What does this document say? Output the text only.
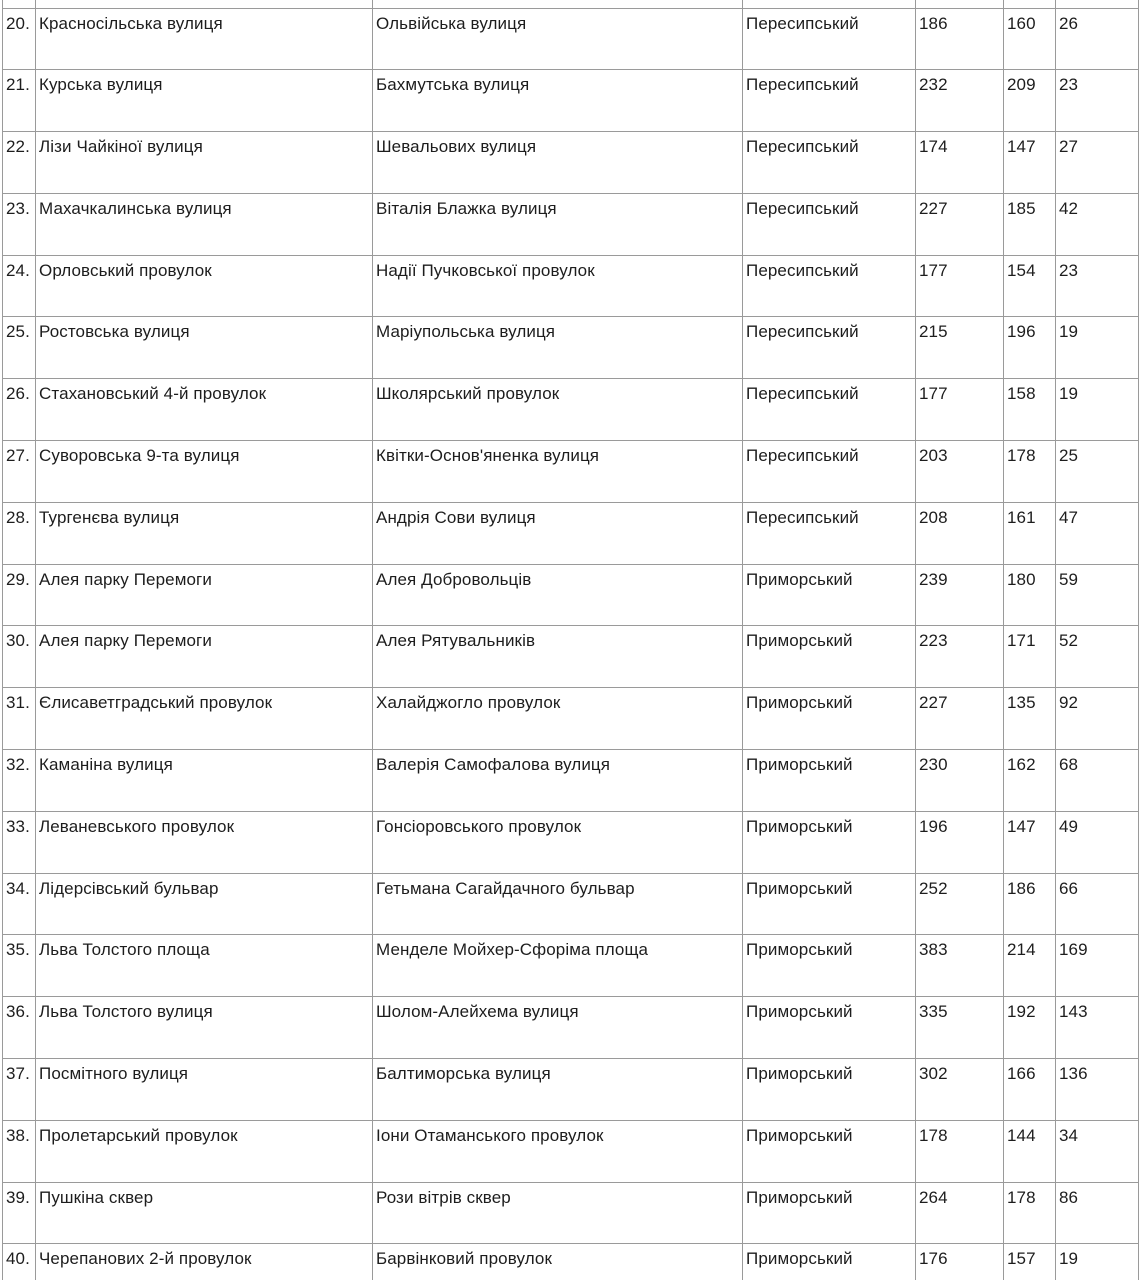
20.	Красносільська вулиця	Ольвійська вулиця	Пересипський	186	160	26
21.	Курська вулиця	Бахмутська вулиця	Пересипський	232	209	23
22.	Лізи Чайкіної вулиця	Шевальових вулиця	Пересипський	174	147	27
23.	Махачкалинська вулиця	Віталія Блажка вулиця	Пересипський	227	185	42
24.	Орловський провулок	Надії Пучковської провулок	Пересипський	177	154	23
25.	Ростовська вулиця	Маріупольська вулиця	Пересипський	215	196	19
26.	Стахановський 4-й провулок	Школярський провулок	Пересипський	177	158	19
27.	Суворовська 9-та вулиця	Квітки-Основ'яненка вулиця	Пересипський	203	178	25
28.	Тургенєва вулиця	Андрія Сови вулиця	Пересипський	208	161	47
29.	Алея парку Перемоги	Алея Добровольців	Приморський	239	180	59
30.	Алея парку Перемоги	Алея Рятувальників	Приморський	223	171	52
31.	Єлисаветградський провулок	Халайджогло провулок	Приморський	227	135	92
32.	Каманіна вулиця	Валерія Самофалова вулиця	Приморський	230	162	68
33.	Леваневського провулок	Гонсіоровського провулок	Приморський	196	147	49
34.	Лідерсівський бульвар	Гетьмана Сагайдачного бульвар	Приморський	252	186	66
35.	Льва Толстого площа	Менделе Мойхер-Сфоріма площа	Приморський	383	214	169
36.	Льва Толстого вулиця	Шолом-Алейхема вулиця	Приморський	335	192	143
37.	Посмітного вулиця	Балтиморська вулиця	Приморський	302	166	136
38.	Пролетарський провулок	Іони Отаманського провулок	Приморський	178	144	34
39.	Пушкіна сквер	Рози вітрів сквер	Приморський	264	178	86
40.	Черепанових 2-й провулок	Барвінковий провулок	Приморський	176	157	19
